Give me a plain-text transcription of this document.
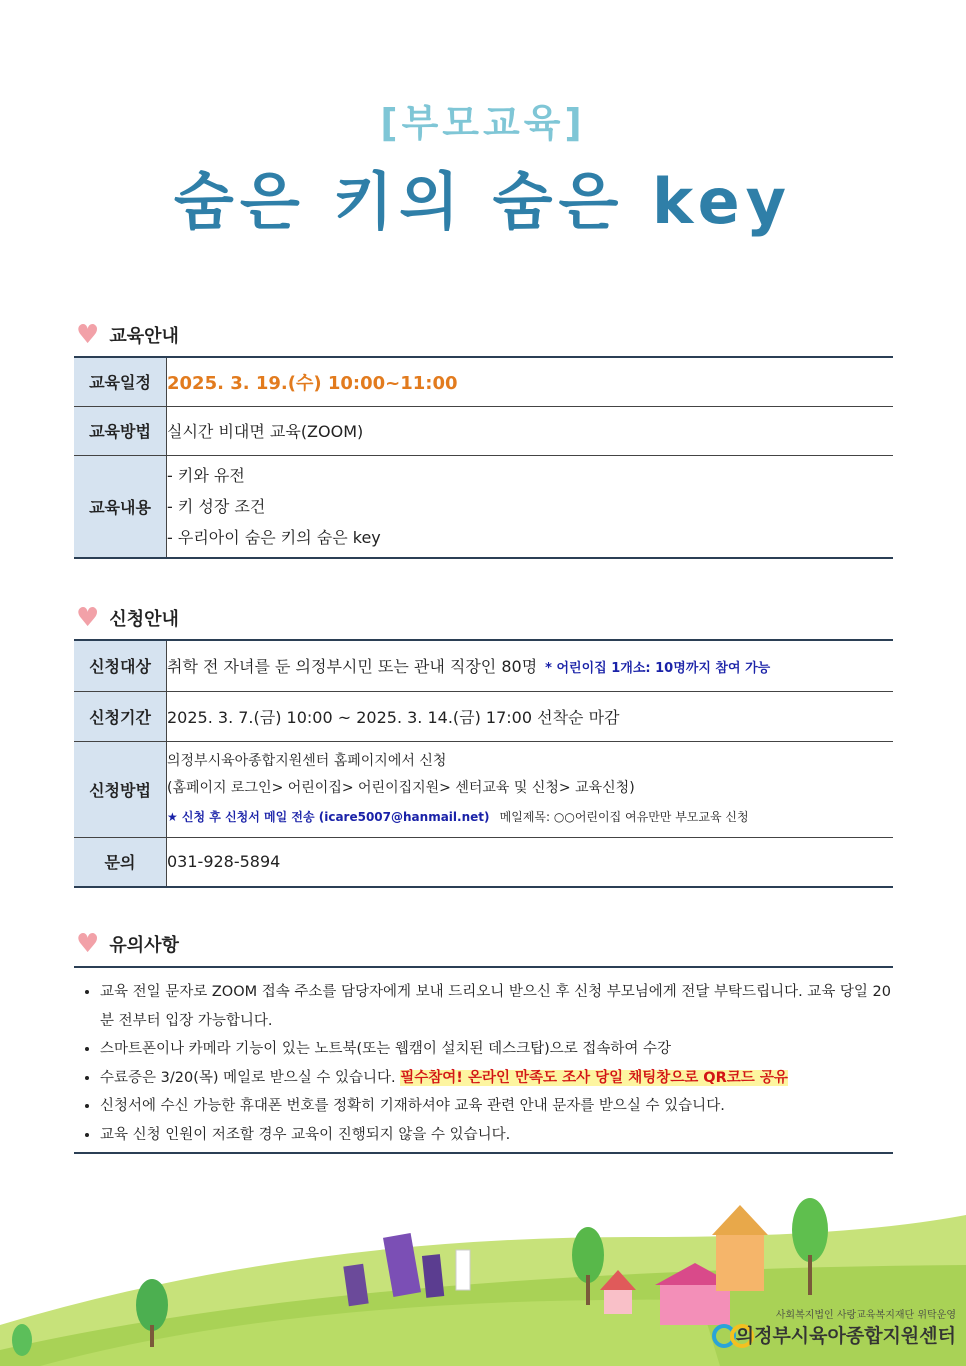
[부모교육]
숨은 키의 숨은 key
♥ 교육안내
교육일정	2025. 3. 19.(수) 10:00~11:00
교육방법	실시간 비대면 교육(ZOOM)
교육내용	- 키와 유전
- 키 성장 조건
- 우리아이 숨은 키의 숨은 key
♥ 신청안내
신청대상	취학 전 자녀를 둔 의정부시민 또는 관내 직장인 80명 * 어린이집 1개소: 10명까지 참여 가능
신청기간	2025. 3. 7.(금) 10:00 ~ 2025. 3. 14.(금) 17:00 선착순 마감
신청방법	의정부시육아종합지원센터 홈페이지에서 신청
(홈페이지 로그인> 어린이집> 어린이집지원> 센터교육 및 신청> 교육신청)
★ 신청 후 신청서 메일 전송 (icare5007@hanmail.net) 메일제목: ○○어린이집 여유만만 부모교육 신청

문의	031-928-5894
♥ 유의사항
• 교육 전일 문자로 ZOOM 접속 주소를 담당자에게 보내 드리오니 받으신 후 신청 부모님에게 전달 부탁드립니다. 교육 당일 20분 전부터 입장 가능합니다.
• 스마트폰이나 카메라 기능이 있는 노트북(또는 웹캠이 설치된 데스크탑)으로 접속하여 수강
• 수료증은 3/20(목) 메일로 받으실 수 있습니다. 필수참여! 온라인 만족도 조사 당일 채팅창으로 QR코드 공유
• 신청서에 수신 가능한 휴대폰 번호를 정확히 기재하셔야 교육 관련 안내 문자를 받으실 수 있습니다.
• 교육 신청 인원이 저조할 경우 교육이 진행되지 않을 수 있습니다.
사회복지법인 사랑교육복지재단 위탁운영
의정부시육아종합지원센터
